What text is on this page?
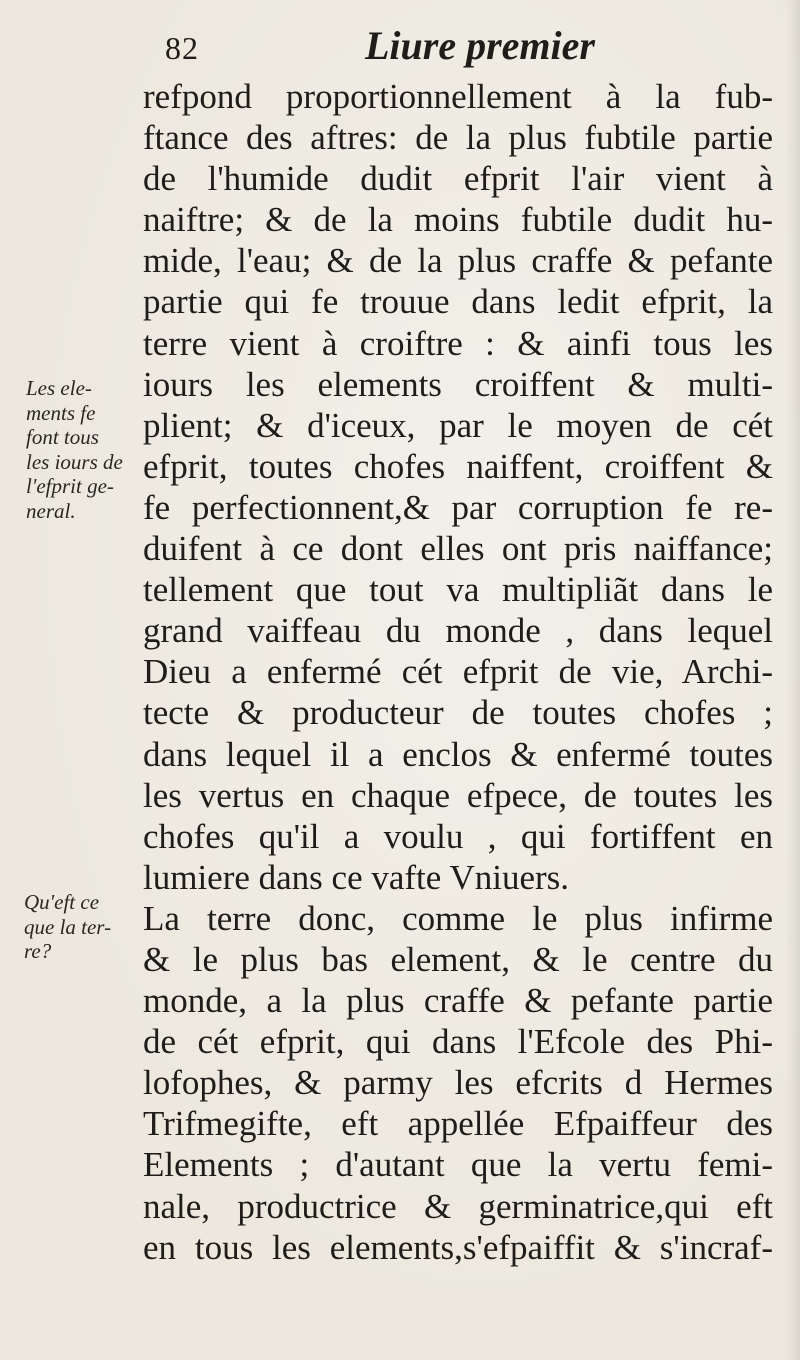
82	Liure premier
refpond proportionnellement à la fub-
ftance des aftres: de la plus fubtile partie
de l'humide dudit efprit l'air vient à
naiftre; & de la moins fubtile dudit hu-
mide, l'eau; & de la plus craffe & pefante
partie qui fe trouue dans ledit efprit, la
terre vient à croiftre : & ainfi tous les
iours les elements croiffent & multi-
plient; & d'iceux, par le moyen de cét
efprit, toutes chofes naiffent, croiffent &
fe perfectionnent,& par corruption fe re-
duifent à ce dont elles ont pris naiffance;
tellement que tout va multipliãt dans le
grand vaiffeau du monde , dans lequel
Dieu a enfermé cét efprit de vie, Archi-
tecte & producteur de toutes chofes ;
dans lequel il a enclos & enfermé toutes
les vertus en chaque efpece, de toutes les
chofes qu'il a voulu , qui fortiffent en
lumiere dans ce vafte Vniuers.
La terre donc, comme le plus infirme
& le plus bas element, & le centre du
monde, a la plus craffe & pefante partie
de cét efprit, qui dans l'Efcole des Phi-
lofophes, & parmy les efcrits d Hermes
Trifmegifte, eft appellée Efpaiffeur des
Elements ; d'autant que la vertu femi-
nale, productrice & germinatrice,qui eft
en tous les elements,s'efpaiffit & s'incraf-
Les ele-
ments fe
font tous
les iours de
l'efprit ge-
neral.
Qu'eft ce
que la ter-
re?
